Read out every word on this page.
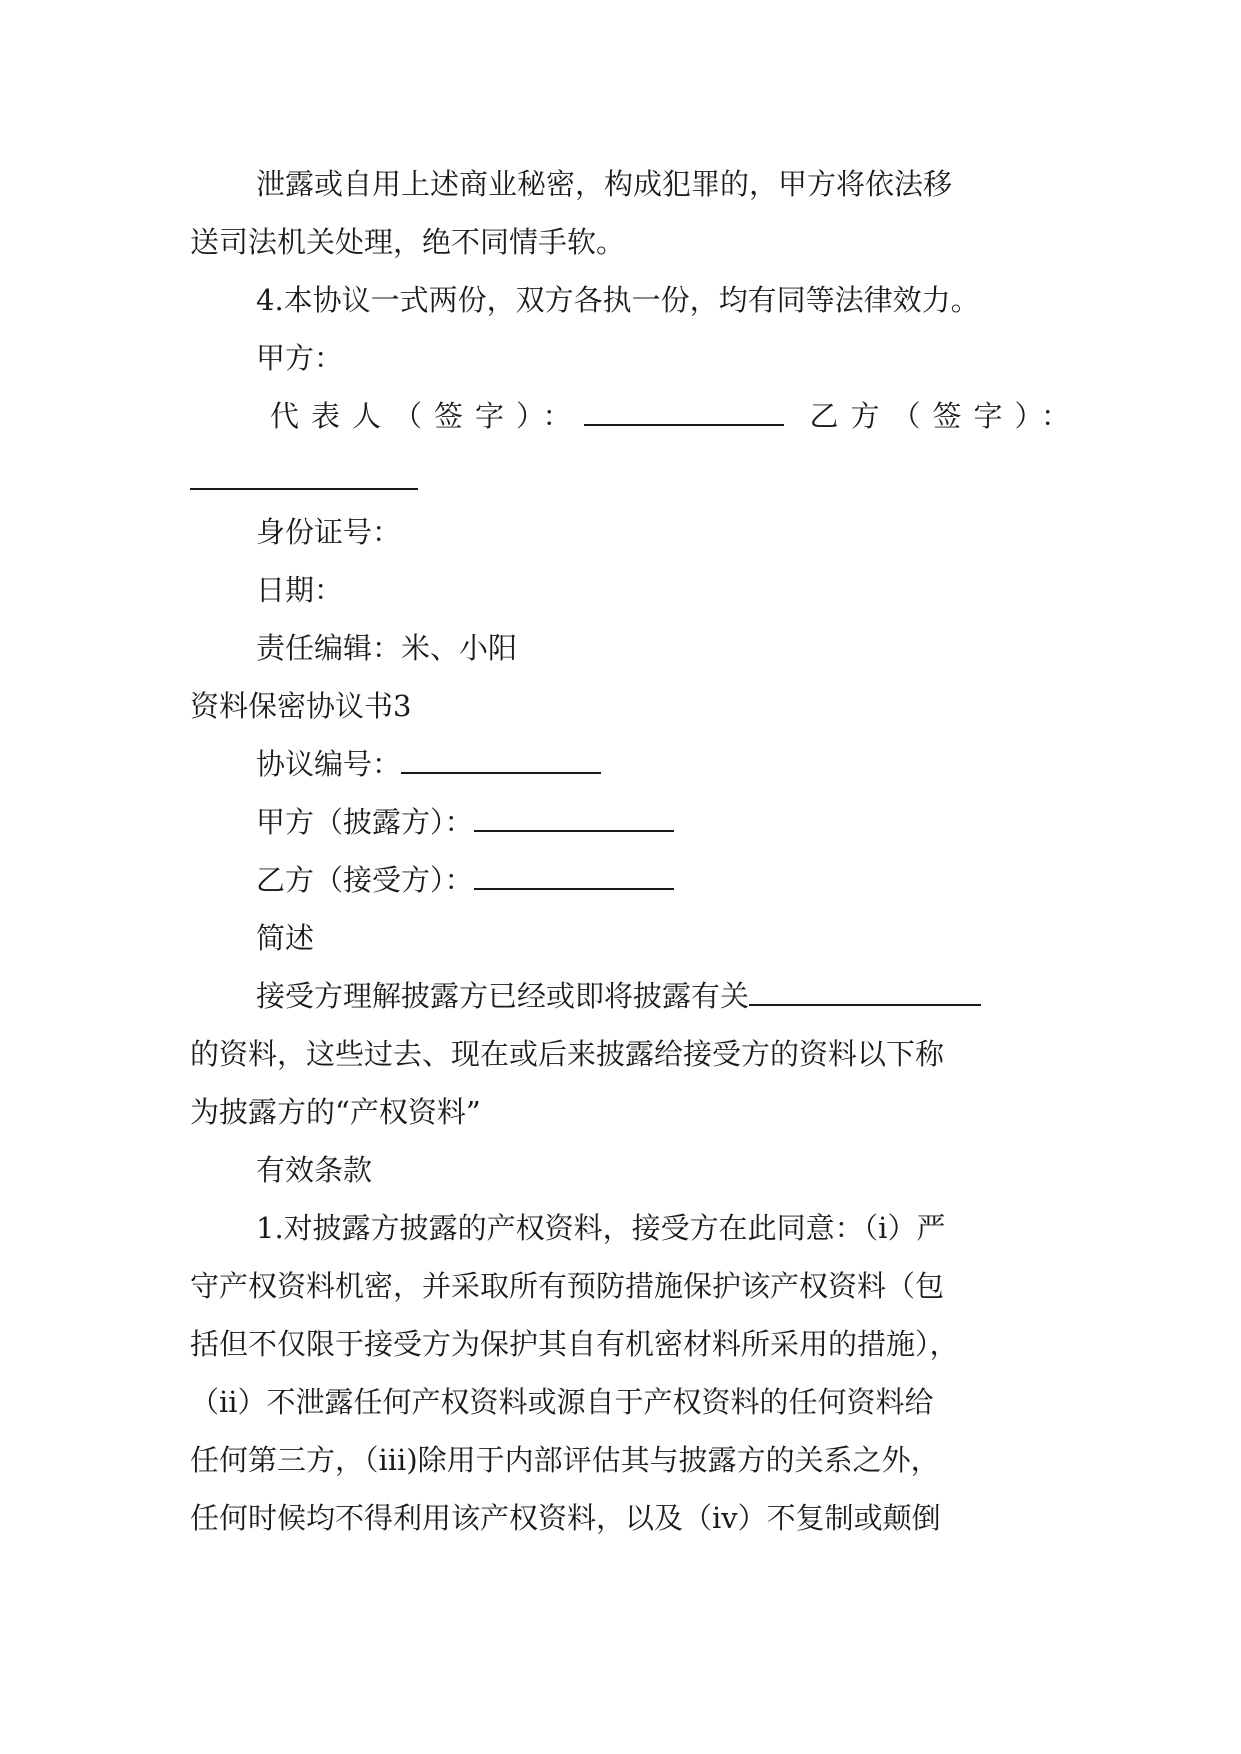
泄露或自用上述商业秘密，构成犯罪的，甲方将依法移
送司法机关处理，绝不同情手软。
4.本协议一式两份，双方各执一份，均有同等法律效力。
甲方：
代表人（签字）：	乙方（签字）：
身份证号：
日期：
责任编辑：米、小阳
资料保密协议书3
协议编号：
甲方（披露方）：
乙方（接受方）：
简述
接受方理解披露方已经或即将披露有关
的资料，这些过去、现在或后来披露给接受方的资料以下称
为披露方的“产权资料”
有效条款
1.对披露方披露的产权资料，接受方在此同意：（i）严
守产权资料机密，并采取所有预防措施保护该产权资料（包
括但不仅限于接受方为保护其自有机密材料所采用的措施），
（ii）不泄露任何产权资料或源自于产权资料的任何资料给
任何第三方，（iii)除用于内部评估其与披露方的关系之外，
任何时候均不得利用该产权资料，以及（iv）不复制或颠倒
